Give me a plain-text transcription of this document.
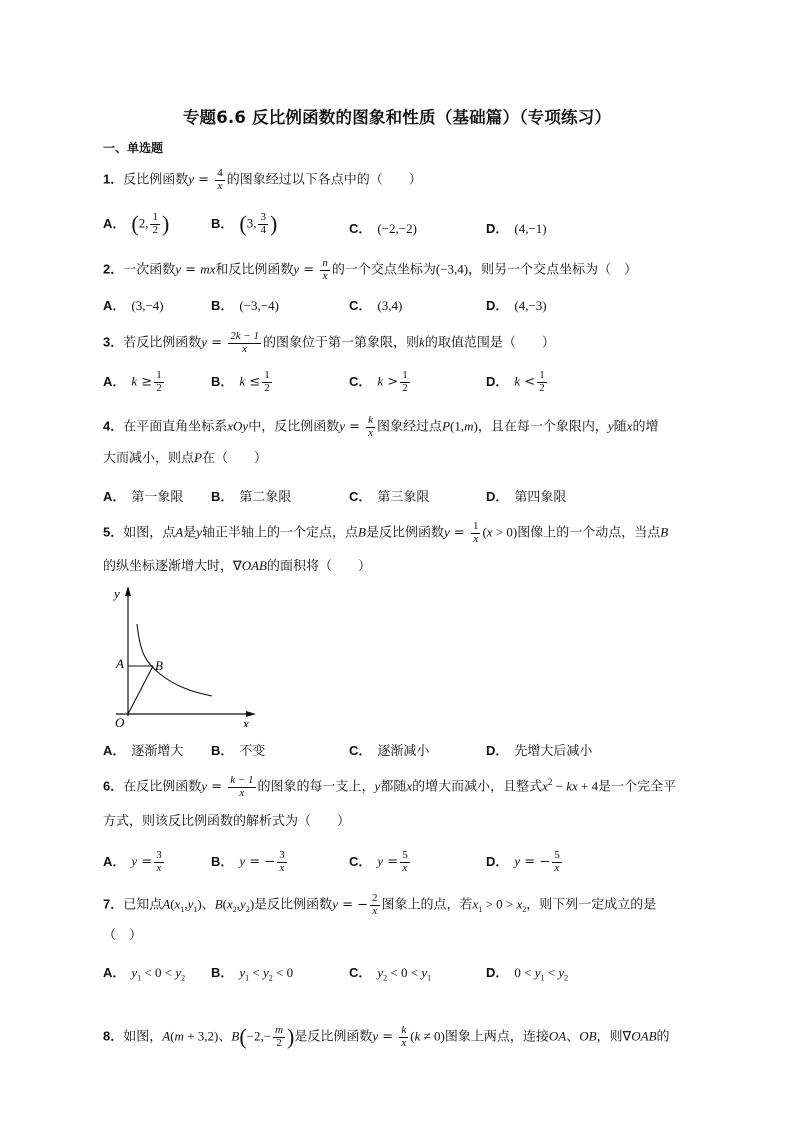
专题6.6 反比例函数的图象和性质（基础篇）（专项练习）
一、单选题
1．反比例函数$y = \frac{4}{x}$ 的图象经过以下各点中的（　　）
A． (2, $\frac{1}{2}$ )	B． (3, $\frac{3}{4}$ )	C． (−2,−2)	D． (4,−1)
2．一次函数y = mx和反比例函数$y = \frac{n}{x}$ 的一个交点坐标为(−3,4)，则另一个交点坐标为（　）
A． (3,−4)	B． (−3,−4)	C． (3,4)	D． (4,−3)
3．若反比例函数$y = \frac{2k - 1}{x}$ 的图象位于第一第象限，则k的取值范围是（　　）
A． $k \ge \frac{1}{2}$	B． $k \le \frac{1}{2}$	C． $k > \frac{1}{2}$	D． $k < \frac{1}{2}$
4．在平面直角坐标系xOy中，反比例函数$y = \frac{k}{x}$ 图象经过点P(1,m)，且在每一个象限内，y随x的增
大而减小，则点P在（　　）
A． 第一象限 B． 第二象限	C． 第三象限	D． 第四象限
5．如图，点A是y轴正半轴上的一个定点，点B是反比例函数$y = \frac{1}{x} (x > 0)$图像上的一个动点，当点B
的纵坐标逐渐增大时，∇OAB的面积将（　　）
y
x
O
A B
A． 逐渐增大 B． 不变	C． 逐渐减小	D． 先增大后减小
6．在反比例函数$y = \frac{k - 1}{x}$ 的图象的每一支上，y都随x的增大而减小，且整式$x^2$ − kx + 4是一个完全平
方式，则该反比例函数的解析式为（　　）
A． $y = \frac{3}{x}$	B． y = − $\frac{3}{x}$	C． $y = \frac{5}{x}$	D． y = − $\frac{5}{x}$
7．已知点$A(x_1,y_1)$、$B(x_2,y_2)$是反比例函数y = − $\frac{2}{x}$ 图象上的点，若$x_1 > 0 > x_2$，则下列一定成立的是
（　）
A． $y_1 < 0 < y_2$ B． $y_1 < y_2 < 0$	C． $y_2 < 0 < y_1$	D． $0 < y_1 < y_2$
8．如图，A(m + 3,2)、$B(-2,- \frac{m}{2}$ )是反比例函数$y = \frac{k}{x} (k \ne 0)$图象上两点，连接OA、OB，则∇OAB的
